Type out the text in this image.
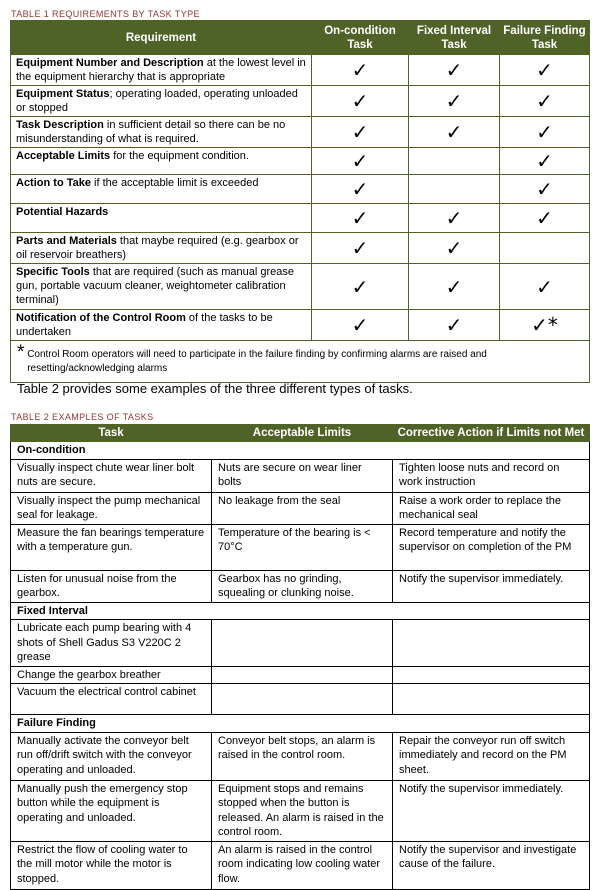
TABLE 1 REQUIREMENTS BY TASK TYPE
Requirement	On-condition Task	Fixed Interval Task	Failure Finding Task
Equipment Number and Description at the lowest level in the equipment hierarchy that is appropriate	✓	✓	✓
Equipment Status; operating loaded, operating unloaded or stopped	✓	✓	✓
Task Description in sufficient detail so there can be no misunderstanding of what is required.	✓	✓	✓
Acceptable Limits for the equipment condition.	✓		✓
Action to Take if the acceptable limit is exceeded	✓		✓
Potential Hazards	✓	✓	✓
Parts and Materials that maybe required (e.g. gearbox or oil reservoir breathers)	✓	✓	
Specific Tools that are required (such as manual grease gun, portable vacuum cleaner, weightometer calibration terminal)	✓	✓	✓
Notification of the Control Room of the tasks to be undertaken	✓	✓	✓*
* Control Room operators will need to participate in the failure finding by confirming alarms are raised and resetting/acknowledging alarms			
Table 2 provides some examples of the three different types of tasks.
TABLE 2 EXAMPLES OF TASKS
Task	Acceptable Limits	Corrective Action if Limits not Met
On-condition		
Visually inspect chute wear liner bolt nuts are secure.	Nuts are secure on wear liner bolts	Tighten loose nuts and record on work instruction
Visually inspect the pump mechanical seal for leakage.	No leakage from the seal	Raise a work order to replace the mechanical seal
Measure the fan bearings temperature with a temperature gun.	Temperature of the bearing is < 70°C	Record temperature and notify the supervisor on completion of the PM
Listen for unusual noise from the gearbox.	Gearbox has no grinding, squealing or clunking noise.	Notify the supervisor immediately.
Fixed Interval		
Lubricate each pump bearing with 4 shots of Shell Gadus S3 V220C 2 grease		
Change the gearbox breather		
Vacuum the electrical control cabinet		
Failure Finding		
Manually activate the conveyor belt run off/drift switch with the conveyor operating and unloaded.	Conveyor belt stops, an alarm is raised in the control room.	Repair the conveyor run off switch immediately and record on the PM sheet.
Manually push the emergency stop button while the equipment is operating and unloaded.	Equipment stops and remains stopped when the button is released. An alarm is raised in the control room.	Notify the supervisor immediately.
Restrict the flow of cooling water to the mill motor while the motor is stopped.	An alarm is raised in the control room indicating low cooling water flow.	Notify the supervisor and investigate cause of the failure.
